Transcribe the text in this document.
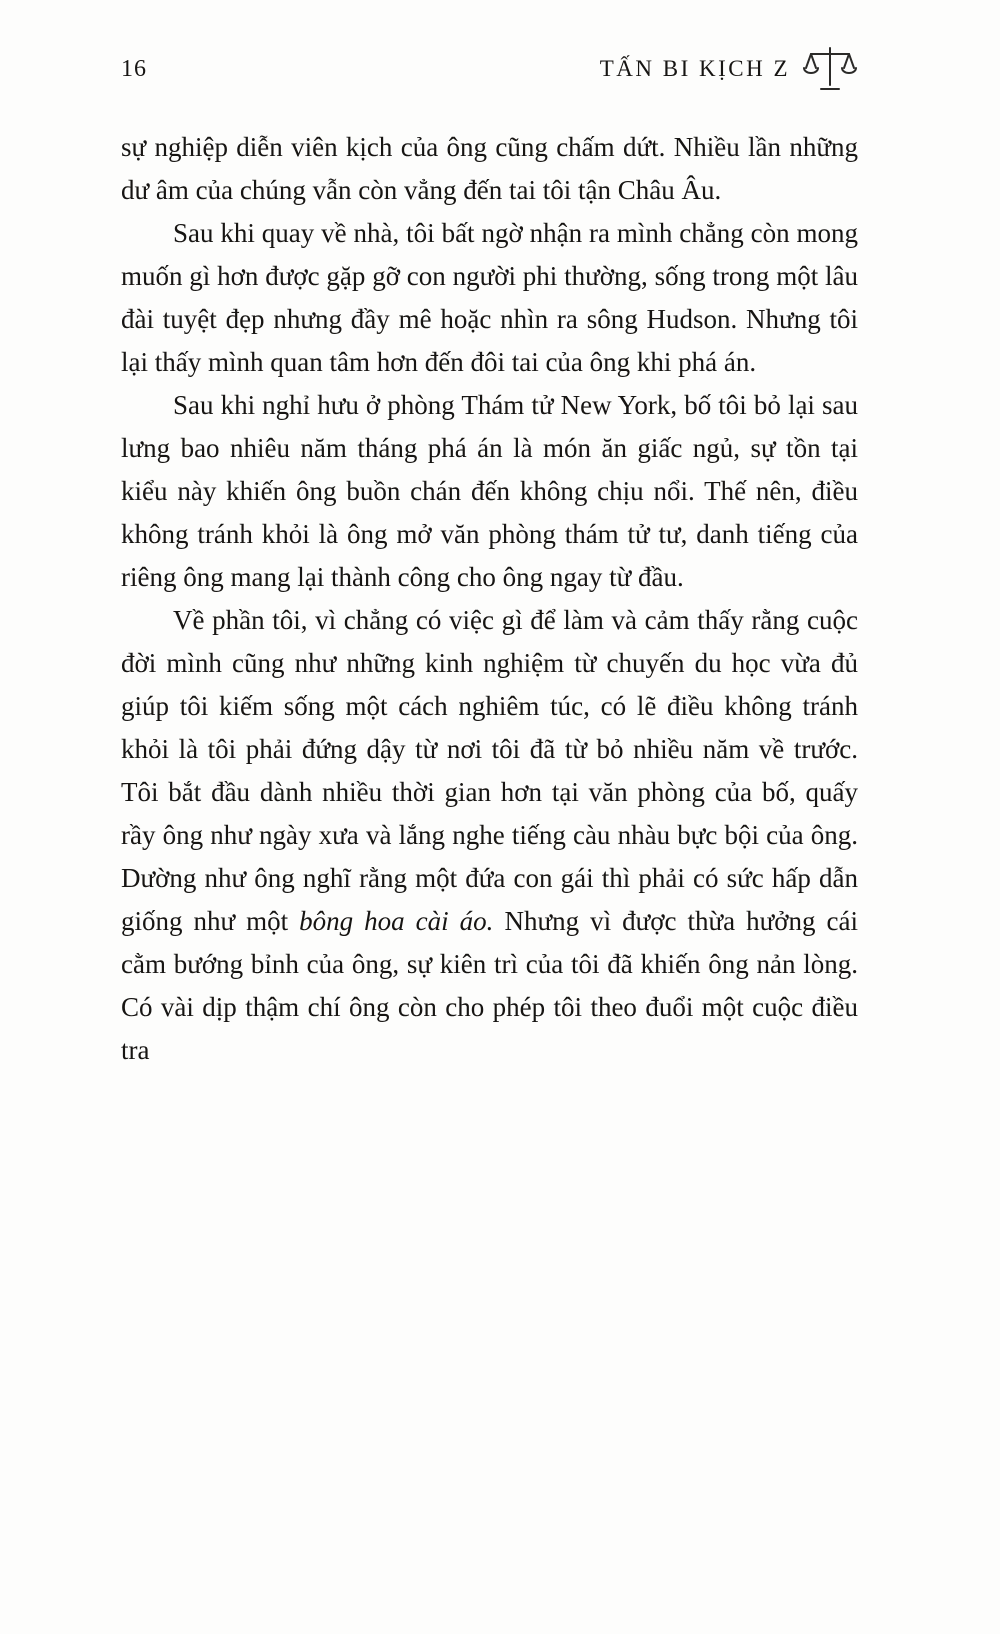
16	TẤN BI KỊCH Z

sự nghiệp diễn viên kịch của ông cũng chấm dứt. Nhiều lần những dư âm của chúng vẫn còn vẳng đến tai tôi tận Châu Âu.

Sau khi quay về nhà, tôi bất ngờ nhận ra mình chẳng còn mong muốn gì hơn được gặp gỡ con người phi thường, sống trong một lâu đài tuyệt đẹp nhưng đầy mê hoặc nhìn ra sông Hudson. Nhưng tôi lại thấy mình quan tâm hơn đến đôi tai của ông khi phá án.

Sau khi nghỉ hưu ở phòng Thám tử New York, bố tôi bỏ lại sau lưng bao nhiêu năm tháng phá án là món ăn giấc ngủ, sự tồn tại kiểu này khiến ông buồn chán đến không chịu nổi. Thế nên, điều không tránh khỏi là ông mở văn phòng thám tử tư, danh tiếng của riêng ông mang lại thành công cho ông ngay từ đầu.

Về phần tôi, vì chẳng có việc gì để làm và cảm thấy rằng cuộc đời mình cũng như những kinh nghiệm từ chuyến du học vừa đủ giúp tôi kiếm sống một cách nghiêm túc, có lẽ điều không tránh khỏi là tôi phải đứng dậy từ nơi tôi đã từ bỏ nhiều năm về trước. Tôi bắt đầu dành nhiều thời gian hơn tại văn phòng của bố, quấy rầy ông như ngày xưa và lắng nghe tiếng càu nhàu bực bội của ông. Dường như ông nghĩ rằng một đứa con gái thì phải có sức hấp dẫn giống như một bông hoa cài áo. Nhưng vì được thừa hưởng cái cằm bướng bỉnh của ông, sự kiên trì của tôi đã khiến ông nản lòng. Có vài dịp thậm chí ông còn cho phép tôi theo đuổi một cuộc điều tra
